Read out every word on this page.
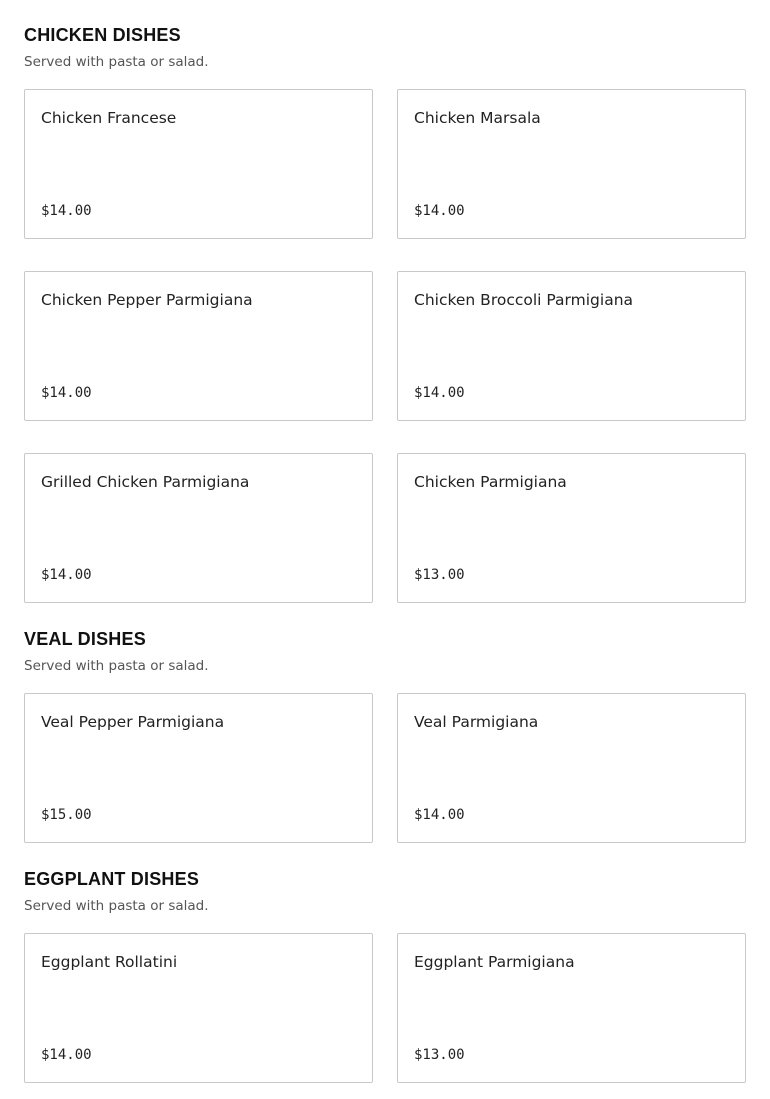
CHICKEN DISHES

Served with pasta or salad.

Chicken Francese

$14.00

Chicken Marsala

$14.00

Chicken Pepper Parmigiana

$14.00

Chicken Broccoli Parmigiana

$14.00

Grilled Chicken Parmigiana

$14.00

Chicken Parmigiana

$13.00

VEAL DISHES

Served with pasta or salad.

Veal Pepper Parmigiana

$15.00

Veal Parmigiana

$14.00

EGGPLANT DISHES

Served with pasta or salad.

Eggplant Rollatini

$14.00

Eggplant Parmigiana

$13.00
